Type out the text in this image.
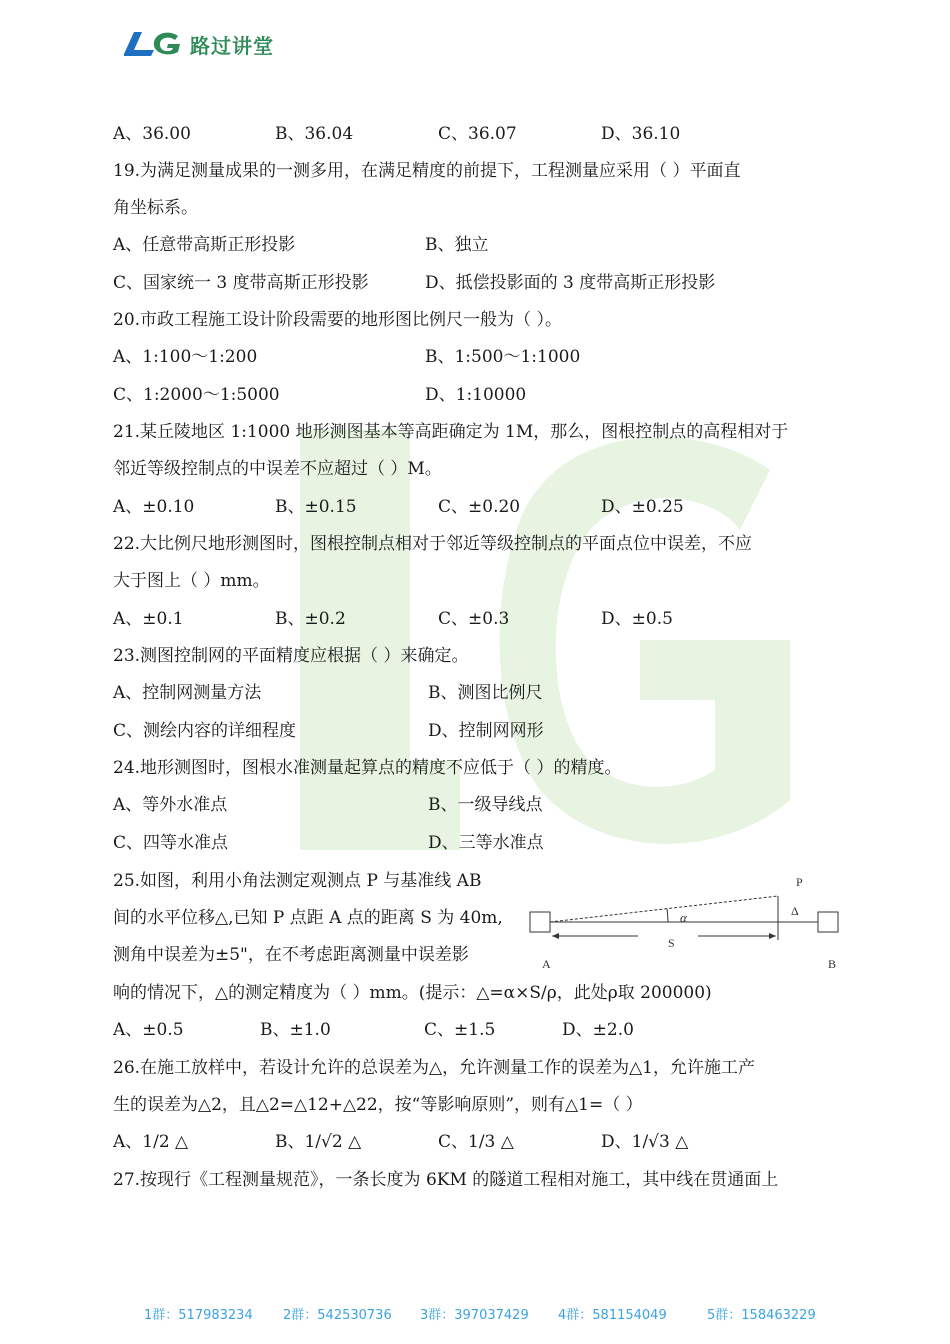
路过讲堂
A、36.00	B、36.04	C、36.07	D、36.10
19.为满足测量成果的一测多用，在满足精度的前提下，工程测量应采用（ ）平面直
角坐标系。
A、任意带高斯正形投影	B、独立
C、国家统一 3 度带高斯正形投影	D、抵偿投影面的 3 度带高斯正形投影
20.市政工程施工设计阶段需要的地形图比例尺一般为（ ）。
A、1:100～1:200	B、1:500～1:1000
C、1:2000～1:5000	D、1:10000
21.某丘陵地区 1:1000 地形测图基本等高距确定为 1M，那么，图根控制点的高程相对于
邻近等级控制点的中误差不应超过（ ）M。
A、±0.10	B、±0.15	C、±0.20	D、±0.25
22.大比例尺地形测图时，图根控制点相对于邻近等级控制点的平面点位中误差，不应
大于图上（ ）mm。
A、±0.1	B、±0.2	C、±0.3	D、±0.5
23.测图控制网的平面精度应根据（ ）来确定。
A、控制网测量方法	B、测图比例尺
C、测绘内容的详细程度	D、控制网网形
24.地形测图时，图根水准测量起算点的精度不应低于（ ）的精度。
A、等外水准点	B、一级导线点
C、四等水准点	D、三等水准点
25.如图，利用小角法测定观测点 P 与基准线 AB
间的水平位移△,已知 P 点距 A 点的距离 S 为 40m,
测角中误差为±5"，在不考虑距离测量中误差影
响的情况下，△的测定精度为（ ）mm。(提示：△=α×S/ρ，此处ρ取 200000)
A、±0.5	B、±1.0	C、±1.5	D、±2.0
26.在施工放样中，若设计允许的总误差为△，允许测量工作的误差为△1，允许施工产
生的误差为△2，且△2=△12+△22，按“等影响原则”，则有△1=（ ）
A、1/2 △	B、1/√2 △	C、1/3 △	D、1/√3 △
27.按现行《工程测量规范》，一条长度为 6KM 的隧道工程相对施工，其中线在贯通面上
P
Δ
α
S
A	B
1群：517983234 2群：542530736 3群：397037429 4群：581154049	5群：158463229
